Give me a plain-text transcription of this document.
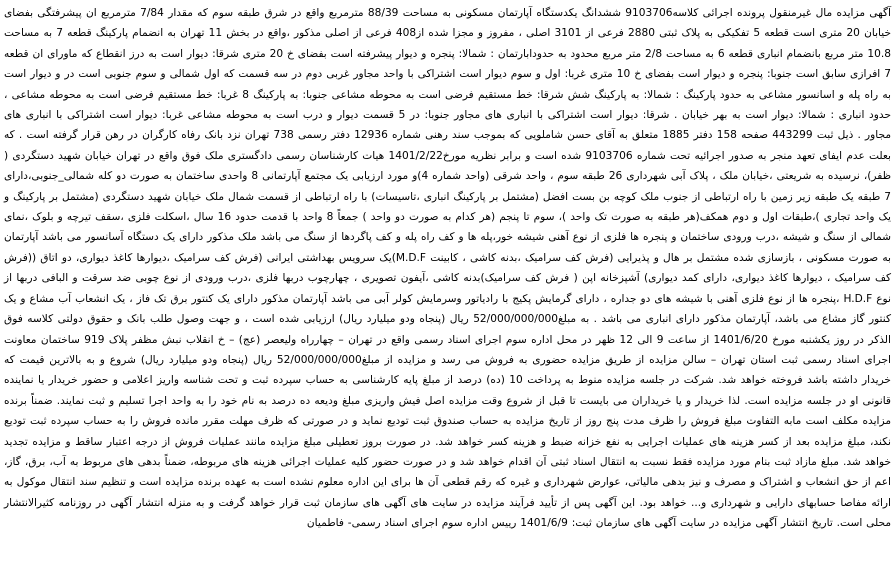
آگهی مزایده مال غیرمنقول پرونده اجرائی کلاسه9103706 ششدانگ یکدستگاه آپارتمان مسکونی به مساحت 88/39 مترمربع واقع در شرق طبقه سوم که مقدار 7/84 مترمربع ان پیشرفتگی بفضای خیابان 20 متری است قطعه 5 تفکیکی به پلاک ثبتی 2880 فرعی از 3101 اصلی ، مفروز و مجزا شده از408 فرعی از اصلی مذکور ،واقع در بخش 11 تهران به انضمام پارکینگ قطعه 7 به مساحت 10.8 متر مربع بانضمام انباری قطعه 6 به مساحت 2/8 متر مربع محدود به حدودابارتمان : شمالا: پنجره و دیوار پیشرفته است بفضای خ 20 متری شرقا: دیوار است به درز انقطاع که ماورای ان قطعه 7 افرازی سابق است جنوبا: پنجره و دیوار است بفضای خ 10 متری غربا: اول و سوم دیوار است اشتراکی با واحد مجاور غربی دوم در سه قسمت که اول شمالی و سوم جنوبی است در و دیوار است به راه پله و اسانسور مشاعی به حدود پارکینگ : شمالا: به پارکینگ شش شرقا: خط مستقیم فرضی است به محوطه مشاعی جنوبا: به پارکینگ 8 غربا: خط مستقیم فرضی است به محوطه مشاعی ، حدود انباری : شمالا: دیوار است به بهر خیابان . شرقا: دیوار است اشتراکی با انباری های مجاور جنوبا: در 5 قسمت دیوار و درب است به محوطه مشاعی غربا: دیوار است اشتراکی با انباری های مجاور . ذیل ثبت 443299 صفحه 158 دفتر 1885 متعلق به آقای حسن شاملویی که بموجب سند رهنی شماره 12936 دفتر رسمی 738 تهران نزد بانک رفاه کارگران در رهن قرار گرفته است . که بعلت عدم ایفای تعهد منجر به صدور اجرائیه تحت شماره 9103706 شده است و برابر نظریه مورخ1401/2/22 هیات کارشناسان رسمی دادگستری ملک فوق واقع در تهران خیابان شهید دستگردی ( ظفر)، نرسیده به شریعتی ،خیابان ملک ، پلاک آبی شهرداری 26 طبقه سوم ، واحد شرقی (واحد شماره 4)و مورد ارزیابی یک مجتمع آپارتمانی 8 واحدی ساختمان به صورت دو کله شمالی_جنوبی،دارای 7 طبقه یک طبقه زیر زمین با راه ارتباطی از جنوب ملک کوچه بن بست افضل (مشتمل بر پارکینگ انباری ،تاسیسات) با راه ارتباطی از قسمت شمال ملک خیابان شهید دستگردی (مشتمل بر پارکینگ و یک واحد تجاری )،طبقات اول و دوم همکف(هر طبقه به صورت تک واحد )، سوم تا پنجم (هر کدام به صورت دو واحد ) جمعاً 8 واحد با قدمت حدود 16 سال ،اسکلت فلزی ،سقف تیرچه و بلوک ،نمای شمالی از سنگ و شیشه ،درب ورودی ساختمان و پنجره ها فلزی از نوع آهنی شیشه خور،پله ها و کف راه پله و کف پاگردها از سنگ می باشد ملک مذکور دارای یک دستگاه آسانسور می باشد آپارتمان به صورت مسکونی ، بازسازی شده مشتمل بر هال و پذیرایی (فرش کف سرامیک ،بدنه کاشی ، کابینت M.D.F)یک سرویس بهداشتی ایرانی (فرش کف سرامیک ،دیوارها کاغذ دیواری، دو اتاق ((فرش کف سرامیک ، دیوارها کاغذ دیواری، دارای کمد دیواری) آشپزخانه اپن ( فرش کف سرامیک)بدنه کاشی ،آیفون تصویری ، چهارچوب دربها فلزی ،درب ورودی از نوع چوبی ضد سرقت و البافی دربها از نوع H.D.F ،پنجره ها از نوع فلزی آهنی با شیشه های دو جداره ، دارای گرمایش پکیج با رادیاتور وسرمایش کولر آبی می باشد آپارتمان مذکور دارای یک کنتور برق تک فاز ، یک انشعاب آب مشاع و یک کنتور گاز مشاع می باشد، آپارتمان مذکور دارای انباری می باشد . به مبلغ52/000/000/000 ریال (پنجاه ودو میلیارد ریال) ارزیابی شده است ، و جهت وصول طلب بانک و حقوق دولتی کلاسه فوق الذکر در روز یکشنبه مورخ 1401/6/20 از ساعت 9 الی 12 ظهر در محل اداره سوم اجرای اسناد رسمی واقع در تهران – چهارراه ولیعصر (عج) – خ انقلاب نبش مظفر پلاک 919 ساختمان معاونت اجرای اسناد رسمی ثبت استان تهران – سالن مزایده از طریق مزایده حضوری به فروش می رسد و مزایده از مبلغ52/000/000/000 ریال (پنجاه ودو میلیارد ریال) شروع و به بالاترین قیمت که خریدار داشته باشد فروخته خواهد شد. شرکت در جلسه مزایده منوط به پرداخت 10 (ده) درصد از مبلغ پایه کارشناسی به حساب سپرده ثبت و تحت شناسه واریز اعلامی و حضور خریدار یا نماینده قانونی او در جلسه مزایده است. لذا خریدار و یا خریداران می بایست تا قبل از شروع وقت مزایده اصل فیش واریزی مبلغ ودیعه ده درصد به نام خود را به واحد اجرا تسلیم و ثبت نمایند. ضمناً برنده مزایده مکلف است مابه التفاوت مبلغ فروش را ظرف مدت پنج روز از تاریخ مزایده به حساب صندوق ثبت تودیع نماید و در صورتی که ظرف مهلت مقرر مانده فروش را به حساب سپرده ثبت تودیع نکند، مبلغ مزایده بعد از کسر هزینه های عملیات اجرایی به نفع خزانه ضبط و هزینه کسر خواهد شد. در صورت بروز تعطیلی مبلغ مزایده مانند عملیات فروش از درجه اعتبار ساقط و مزایده تجدید خواهد شد. مبلغ مازاد ثبت بنام مورد مزایده فقط نسبت به انتقال اسناد ثبتی آن اقدام خواهد شد و در صورت حضور کلیه عملیات اجرائی هزینه های مربوطه، ضمناً بدهی های مربوط به آب، برق، گاز، اعم از حق انشعاب و اشتراک و مصرف و نیز بدهی مالیاتی، عوارض شهرداری و غیره که رقم قطعی آن ها برای این اداره معلوم نشده است به عهده برنده مزایده است و تنظیم سند انتقال موکول به ارائه مفاصا حسابهای دارایی و شهرداری و... خواهد بود. این آگهی پس از تأیید فرآیند مزایده در سایت های آگهی های سازمان ثبت قرار خواهد گرفت و به منزله انتشار آگهی در روزنامه کثیرالانتشار محلی است. تاریخ انتشار آگهی مزایده در سایت آگهی های سازمان ثبت: 1401/6/9 رییس اداره سوم اجرای اسناد رسمی- فاطمیان
